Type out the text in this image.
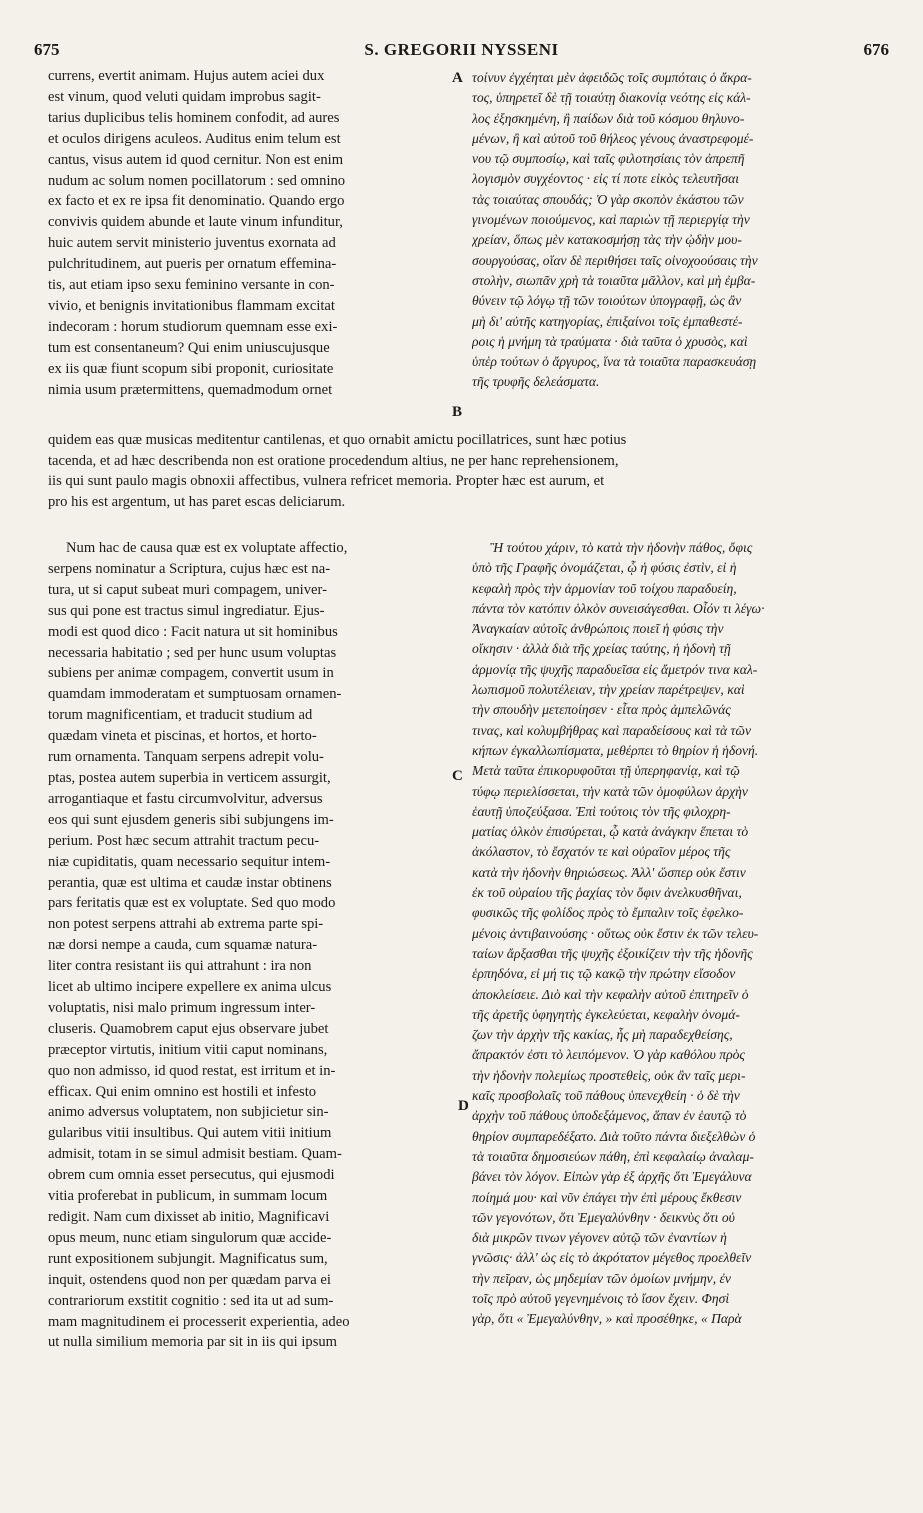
675	S. GREGORII NYSSENI	676
currens, evertit animam. Hujus autem aciei dux
est vinum, quod veluti quidam improbus sagit-
tarius duplicibus telis hominem confodit, ad aures
et oculos dirigens aculeos. Auditus enim telum est
cantus, visus autem id quod cernitur. Non est enim
nudum ac solum nomen pocillatorum : sed omnino
ex facto et ex re ipsa fit denominatio. Quando ergo
convivis quidem abunde et laute vinum infunditur,
huic autem servit ministerio juventus exornata ad
pulchritudinem, aut pueris per ornatum effemina-
tis, aut etiam ipso sexu feminino versante in con-
vivio, et benignis invitationibus flammam excitat
indecoram : horum studiorum quemnam esse exi-
tum est consentaneum? Qui enim uniuscujusque
ex iis quæ fiunt scopum sibi proponit, curiositate
nimia usum prætermittens, quemadmodum ornet
τοίνυν ἐγχέηται μὲν ἀφειδῶς τοῖς συμπόταις ὁ ἄκρα-
τος, ὑπηρετεῖ δὲ τῇ τοιαύτῃ διακονίᾳ νεότης εἰς κάλ-
λος ἐξησκημένη, ἢ παίδων διὰ τοῦ κόσμου θηλυνο-
μένων, ἢ καὶ αὐτοῦ τοῦ θήλεος γένους ἀναστρεφομέ-
νου τῷ συμποσίῳ, καὶ ταῖς φιλοτησίαις τὸν ἀπρεπῆ
λογισμὸν συγχέοντος · εἰς τί ποτε εἰκὸς τελευτῆσαι
τὰς τοιαύτας σπουδάς; Ὁ γὰρ σκοπὸν ἑκάστου τῶν
γινομένων ποιούμενος, καὶ παριὼν τῇ περιεργίᾳ τὴν
χρείαν, ὅπως μὲν κατακοσμήσῃ τὰς τὴν ᾠδὴν μου-
σουργούσας, οἵαν δὲ περιθήσει ταῖς οἰνοχοούσαις τὴν
στολὴν, σιωπᾶν χρὴ τὰ τοιαῦτα μᾶλλον, καὶ μὴ ἐμβα-
θύνειν τῷ λόγῳ τῇ τῶν τοιούτων ὑπογραφῇ, ὡς ἂν
μὴ δι' αὐτῆς κατηγορίας, ἐπιξαίνοι τοῖς ἐμπαθεστέ-
ροις ἡ μνήμη τὰ τραύματα · διὰ ταῦτα ὁ χρυσὸς, καὶ
ὑπὲρ τούτων ὁ ἄργυρος, ἵνα τὰ τοιαῦτα παρασκευάσῃ
τῆς τρυφῆς δελεάσματα.
A
B
quidem eas quæ musicas meditentur cantilenas, et quo ornabit amictu pocillatrices, sunt hæc potius
tacenda, et ad hæc describenda non est oratione procedendum altius, ne per hanc reprehensionem,
iis qui sunt paulo magis obnoxii affectibus, vulnera refricet memoria. Propter hæc est aurum, et
pro his est argentum, ut has paret escas deliciarum.
Num hac de causa quæ est ex voluptate affectio,
serpens nominatur a Scriptura, cujus hæc est na-
tura, ut si caput subeat muri compagem, univer-
sus qui pone est tractus simul ingrediatur. Ejus-
modi est quod dico : Facit natura ut sit hominibus
necessaria habitatio ; sed per hunc usum voluptas
subiens per animæ compagem, convertit usum in
quamdam immoderatam et sumptuosam ornamen-
torum magnificentiam, et traducit studium ad
quædam vineta et piscinas, et hortos, et horto-
rum ornamenta. Tanquam serpens adrepit volu-
ptas, postea autem superbia in verticem assurgit,
arrogantiaque et fastu circumvolvitur, adversus
eos qui sunt ejusdem generis sibi subjungens im-
perium. Post hæc secum attrahit tractum pecu-
niæ cupiditatis, quam necessario sequitur intem-
perantia, quæ est ultima et caudæ instar obtinens
pars feritatis quæ est ex voluptate. Sed quo modo
non potest serpens attrahi ab extrema parte spi-
næ dorsi nempe a cauda, cum squamæ natura-
liter contra resistant iis qui attrahunt : ira non
licet ab ultimo incipere expellere ex anima ulcus
voluptatis, nisi malo primum ingressum inter-
cluseris. Quamobrem caput ejus observare jubet
præceptor virtutis, initium vitii caput nominans,
quo non admisso, id quod restat, est irritum et in-
efficax. Qui enim omnino est hostili et infesto
animo adversus voluptatem, non subjicietur sin-
gularibus vitii insultibus. Qui autem vitii initium
admisit, totam in se simul admisit bestiam. Quam-
obrem cum omnia esset persecutus, qui ejusmodi
vitia proferebat in publicum, in summam locum
redigit. Nam cum dixisset ab initio, Magnificavi
opus meum, nunc etiam singulorum quæ accide-
runt expositionem subjungit. Magnificatus sum,
inquit, ostendens quod non per quædam parva ei
contrariorum exstitit cognitio : sed ita ut ad sum-
mam magnitudinem ei processerit experientia, adeo
ut nulla similium memoria par sit in iis qui ipsum
Ἢ τούτου χάριν, τὸ κατὰ τὴν ἡδονὴν πάθος, ὄφις
ὑπὸ τῆς Γραφῆς ὀνομάζεται, ᾧ ἡ φύσις ἐστὶν, εἰ ἡ
κεφαλὴ πρὸς τὴν ἁρμονίαν τοῦ τοίχου παραδυείη,
πάντα τὸν κατόπιν ὁλκὸν συνεισάγεσθαι. Οἷόν τι λέγω·
Ἀναγκαίαν αὐτοῖς ἀνθρώποις ποιεῖ ἡ φύσις τὴν
οἴκησιν · ἀλλὰ διὰ τῆς χρείας ταύτης, ἡ ἡδονὴ τῇ
ἁρμονίᾳ τῆς ψυχῆς παραδυεῖσα εἰς ἄμετρόν τινα καλ-
λωπισμοῦ πολυτέλειαν, τὴν χρείαν παρέτρεψεν, καὶ
τὴν σπουδὴν μετεποίησεν · εἶτα πρὸς ἀμπελῶνάς
τινας, καὶ κολυμβήθρας καὶ παραδείσους καὶ τὰ τῶν
κήπων ἐγκαλλωπίσματα, μεθέρπει τὸ θηρίον ἡ ἡδονή.
Μετὰ ταῦτα ἐπικορυφοῦται τῇ ὑπερηφανίᾳ, καὶ τῷ
τύφῳ περιελίσσεται, τὴν κατὰ τῶν ὁμοφύλων ἀρχὴν
ἑαυτῇ ὑποζεύξασα. Ἐπὶ τούτοις τὸν τῆς φιλοχρη-
ματίας ὁλκὸν ἐπισύρεται, ᾧ κατὰ ἀνάγκην ἕπεται τὸ
ἀκόλαστον, τὸ ἔσχατόν τε καὶ οὐραῖον μέρος τῆς
κατὰ τὴν ἡδονὴν θηριώσεως. Ἀλλ' ὥσπερ οὐκ ἔστιν
ἐκ τοῦ οὐραίου τῆς ῥαχίας τὸν ὄφιν ἀνελκυσθῆναι,
φυσικῶς τῆς φολίδος πρὸς τὸ ἔμπαλιν τοῖς ἐφελκο-
μένοις ἀντιβαινούσης · οὕτως οὐκ ἔστιν ἐκ τῶν τελευ-
ταίων ἄρξασθαι τῆς ψυχῆς ἐξοικίζειν τὴν τῆς ἡδονῆς
ἑρπηδόνα, εἰ μή τις τῷ κακῷ τὴν πρώτην εἴσοδον
ἀποκλείσειε. Διὸ καὶ τὴν κεφαλὴν αὐτοῦ ἐπιτηρεῖν ὁ
τῆς ἀρετῆς ὑφηγητὴς ἐγκελεύεται, κεφαλὴν ὀνομά-
ζων τὴν ἀρχὴν τῆς κακίας, ἧς μὴ παραδεχθείσης,
ἄπρακτόν ἐστι τὸ λειπόμενον. Ὁ γὰρ καθόλου πρὸς
τὴν ἡδονὴν πολεμίως προστεθεὶς, οὐκ ἂν ταῖς μερι-
καῖς προσβολαῖς τοῦ πάθους ὑπενεχθείη · ὁ δὲ τὴν
ἀρχὴν τοῦ πάθους ὑποδεξάμενος, ἅπαν ἐν ἑαυτῷ τὸ
θηρίον συμπαρεδέξατο. Διὰ τοῦτο πάντα διεξελθὼν ὁ
τὰ τοιαῦτα δημοσιεύων πάθη, ἐπὶ κεφαλαίῳ ἀναλαμ-
βάνει τὸν λόγον. Εἰπὼν γὰρ ἐξ ἀρχῆς ὅτι Ἐμεγάλυνα
ποίημά μου· καὶ νῦν ἐπάγει τὴν ἐπὶ μέρους ἔκθεσιν
τῶν γεγονότων, ὅτι Ἐμεγαλύνθην · δεικνὺς ὅτι οὐ
διὰ μικρῶν τινων γέγονεν αὐτῷ τῶν ἐναντίων ἡ
γνῶσις· ἀλλ' ὡς εἰς τὸ ἀκρότατον μέγεθος προελθεῖν
τὴν πεῖραν, ὡς μηδεμίαν τῶν ὁμοίων μνήμην, ἐν
τοῖς πρὸ αὐτοῦ γεγενημένοις τὸ ἴσον ἔχειν. Φησὶ
γὰρ, ὅτι « Ἐμεγαλύνθην, » καὶ προσέθηκε, « Παρὰ
C
D
